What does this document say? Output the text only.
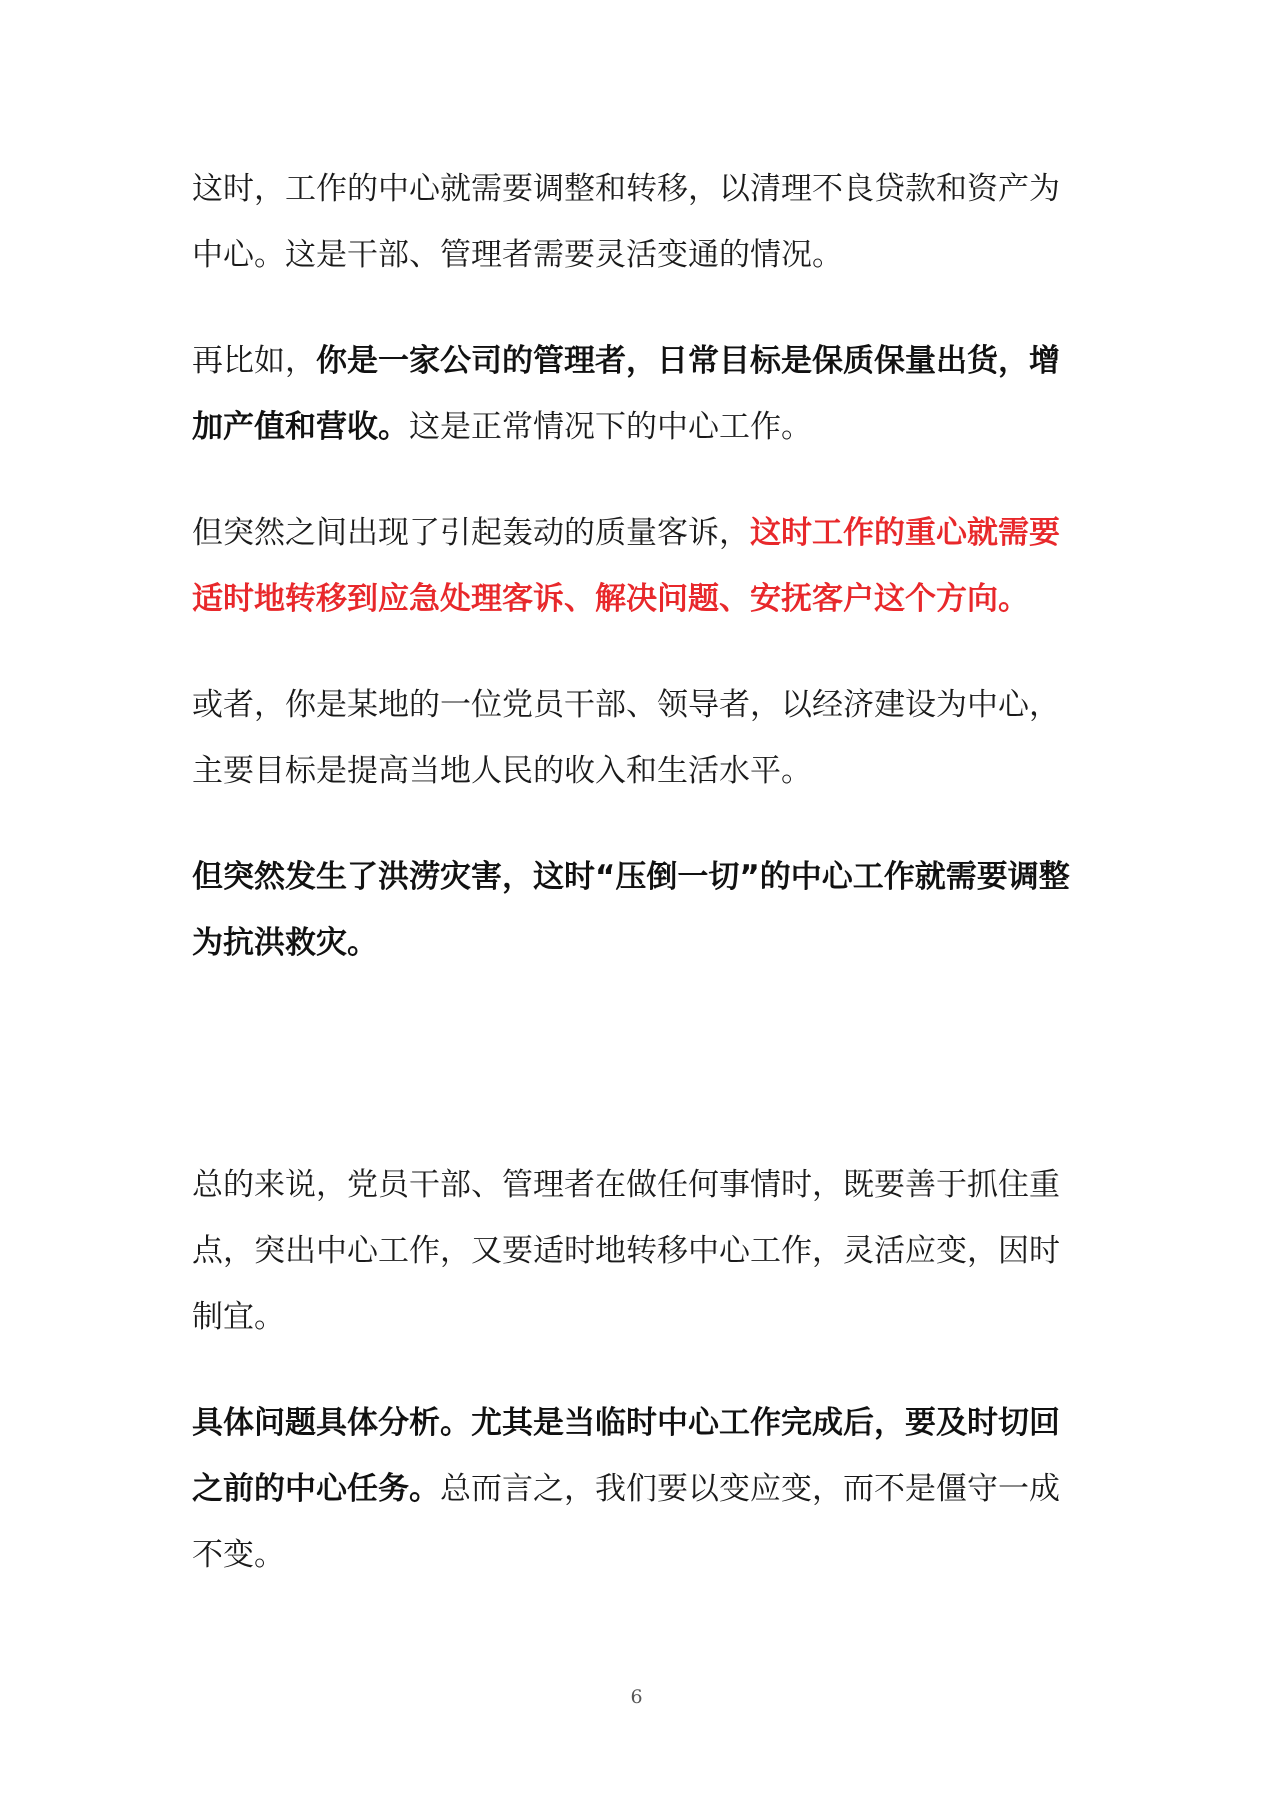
这时，工作的中心就需要调整和转移，以清理不良贷款和资产为中心。这是干部、管理者需要灵活变通的情况。

再比如，你是一家公司的管理者，日常目标是保质保量出货，增加产值和营收。这是正常情况下的中心工作。

但突然之间出现了引起轰动的质量客诉，这时工作的重心就需要适时地转移到应急处理客诉、解决问题、安抚客户这个方向。

或者，你是某地的一位党员干部、领导者，以经济建设为中心，主要目标是提高当地人民的收入和生活水平。

但突然发生了洪涝灾害，这时“压倒一切”的中心工作就需要调整为抗洪救灾。

总的来说，党员干部、管理者在做任何事情时，既要善于抓住重点，突出中心工作，又要适时地转移中心工作，灵活应变，因时制宜。

具体问题具体分析。尤其是当临时中心工作完成后，要及时切回之前的中心任务。总而言之，我们要以变应变，而不是僵守一成不变。

6
